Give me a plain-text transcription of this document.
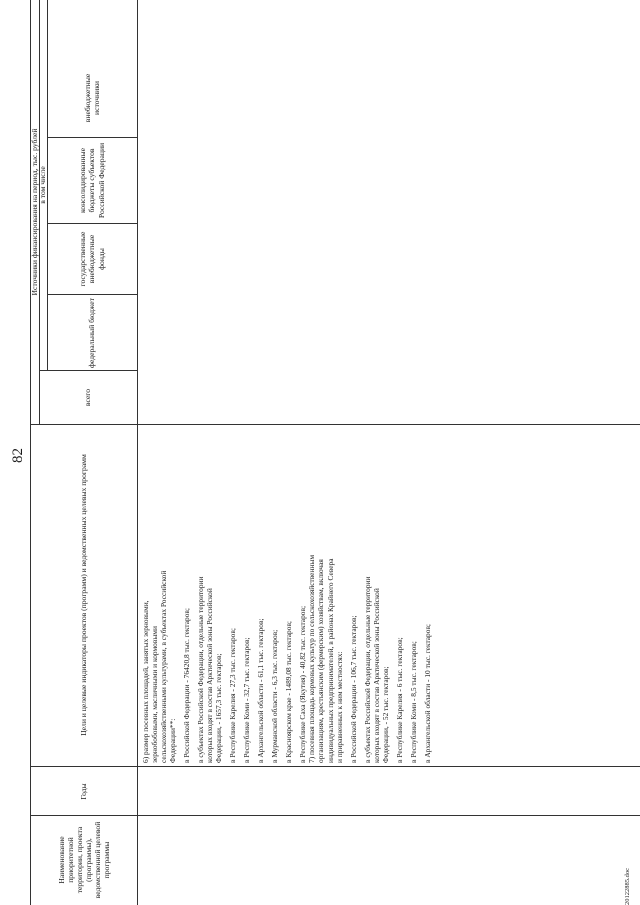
82
Наименование приоритетной территории, проекта (программы), ведомственной целевой программы
Годы
Цели и целевые индикаторы проектов (программ) и ведомственных целевых программ
Источники финансирования на период, тыс. рублей
всего
в том числе
федеральный бюджет
государственные внебюджетные фонды
консолидированные бюджеты субъектов Российской Федерации
внебюджетные источники
6) размер посевных площадей, занятых зерновыми, зернобобовыми, масличными и кормовыми сельскохозяйственными культурами, в субъектах Российской Федерации**: в Российской Федерации - 76420,8 тыс. гектаров; в субъектах Российской Федерации, отдельные территории которых входят в состав Арктической зоны Российской Федерации, - 1657,3 тыс. гектаров; в Республике Карелия - 27,3 тыс. гектаров; в Республике Коми - 32,7 тыс. гектаров; в Архангельской области - 61,1 тыс. гектаров; в Мурманской области - 6,3 тыс. гектаров; в Красноярском крае - 1489,08 тыс. гектаров; в Республике Саха (Якутия) - 40,82 тыс. гектаров; 7) посевная площадь кормовых культур по сельскохозяйственным организациям, крестьянским (фермерским) хозяйствам, включая индивидуальных предпринимателей, в районах Крайнего Севера и приравненных к ним местностях: в Российской Федерации - 106,7 тыс. гектаров; в субъектах Российской Федерации, отдельные территории которых входят в состав Арктической зоны Российской Федерации, - 52 тыс. гектаров; в Республике Карелия - 6 тыс. гектаров; в Республике Коми - 8,5 тыс. гектаров; в Архангельской области - 10 тыс. гектаров;
20122885.doc
